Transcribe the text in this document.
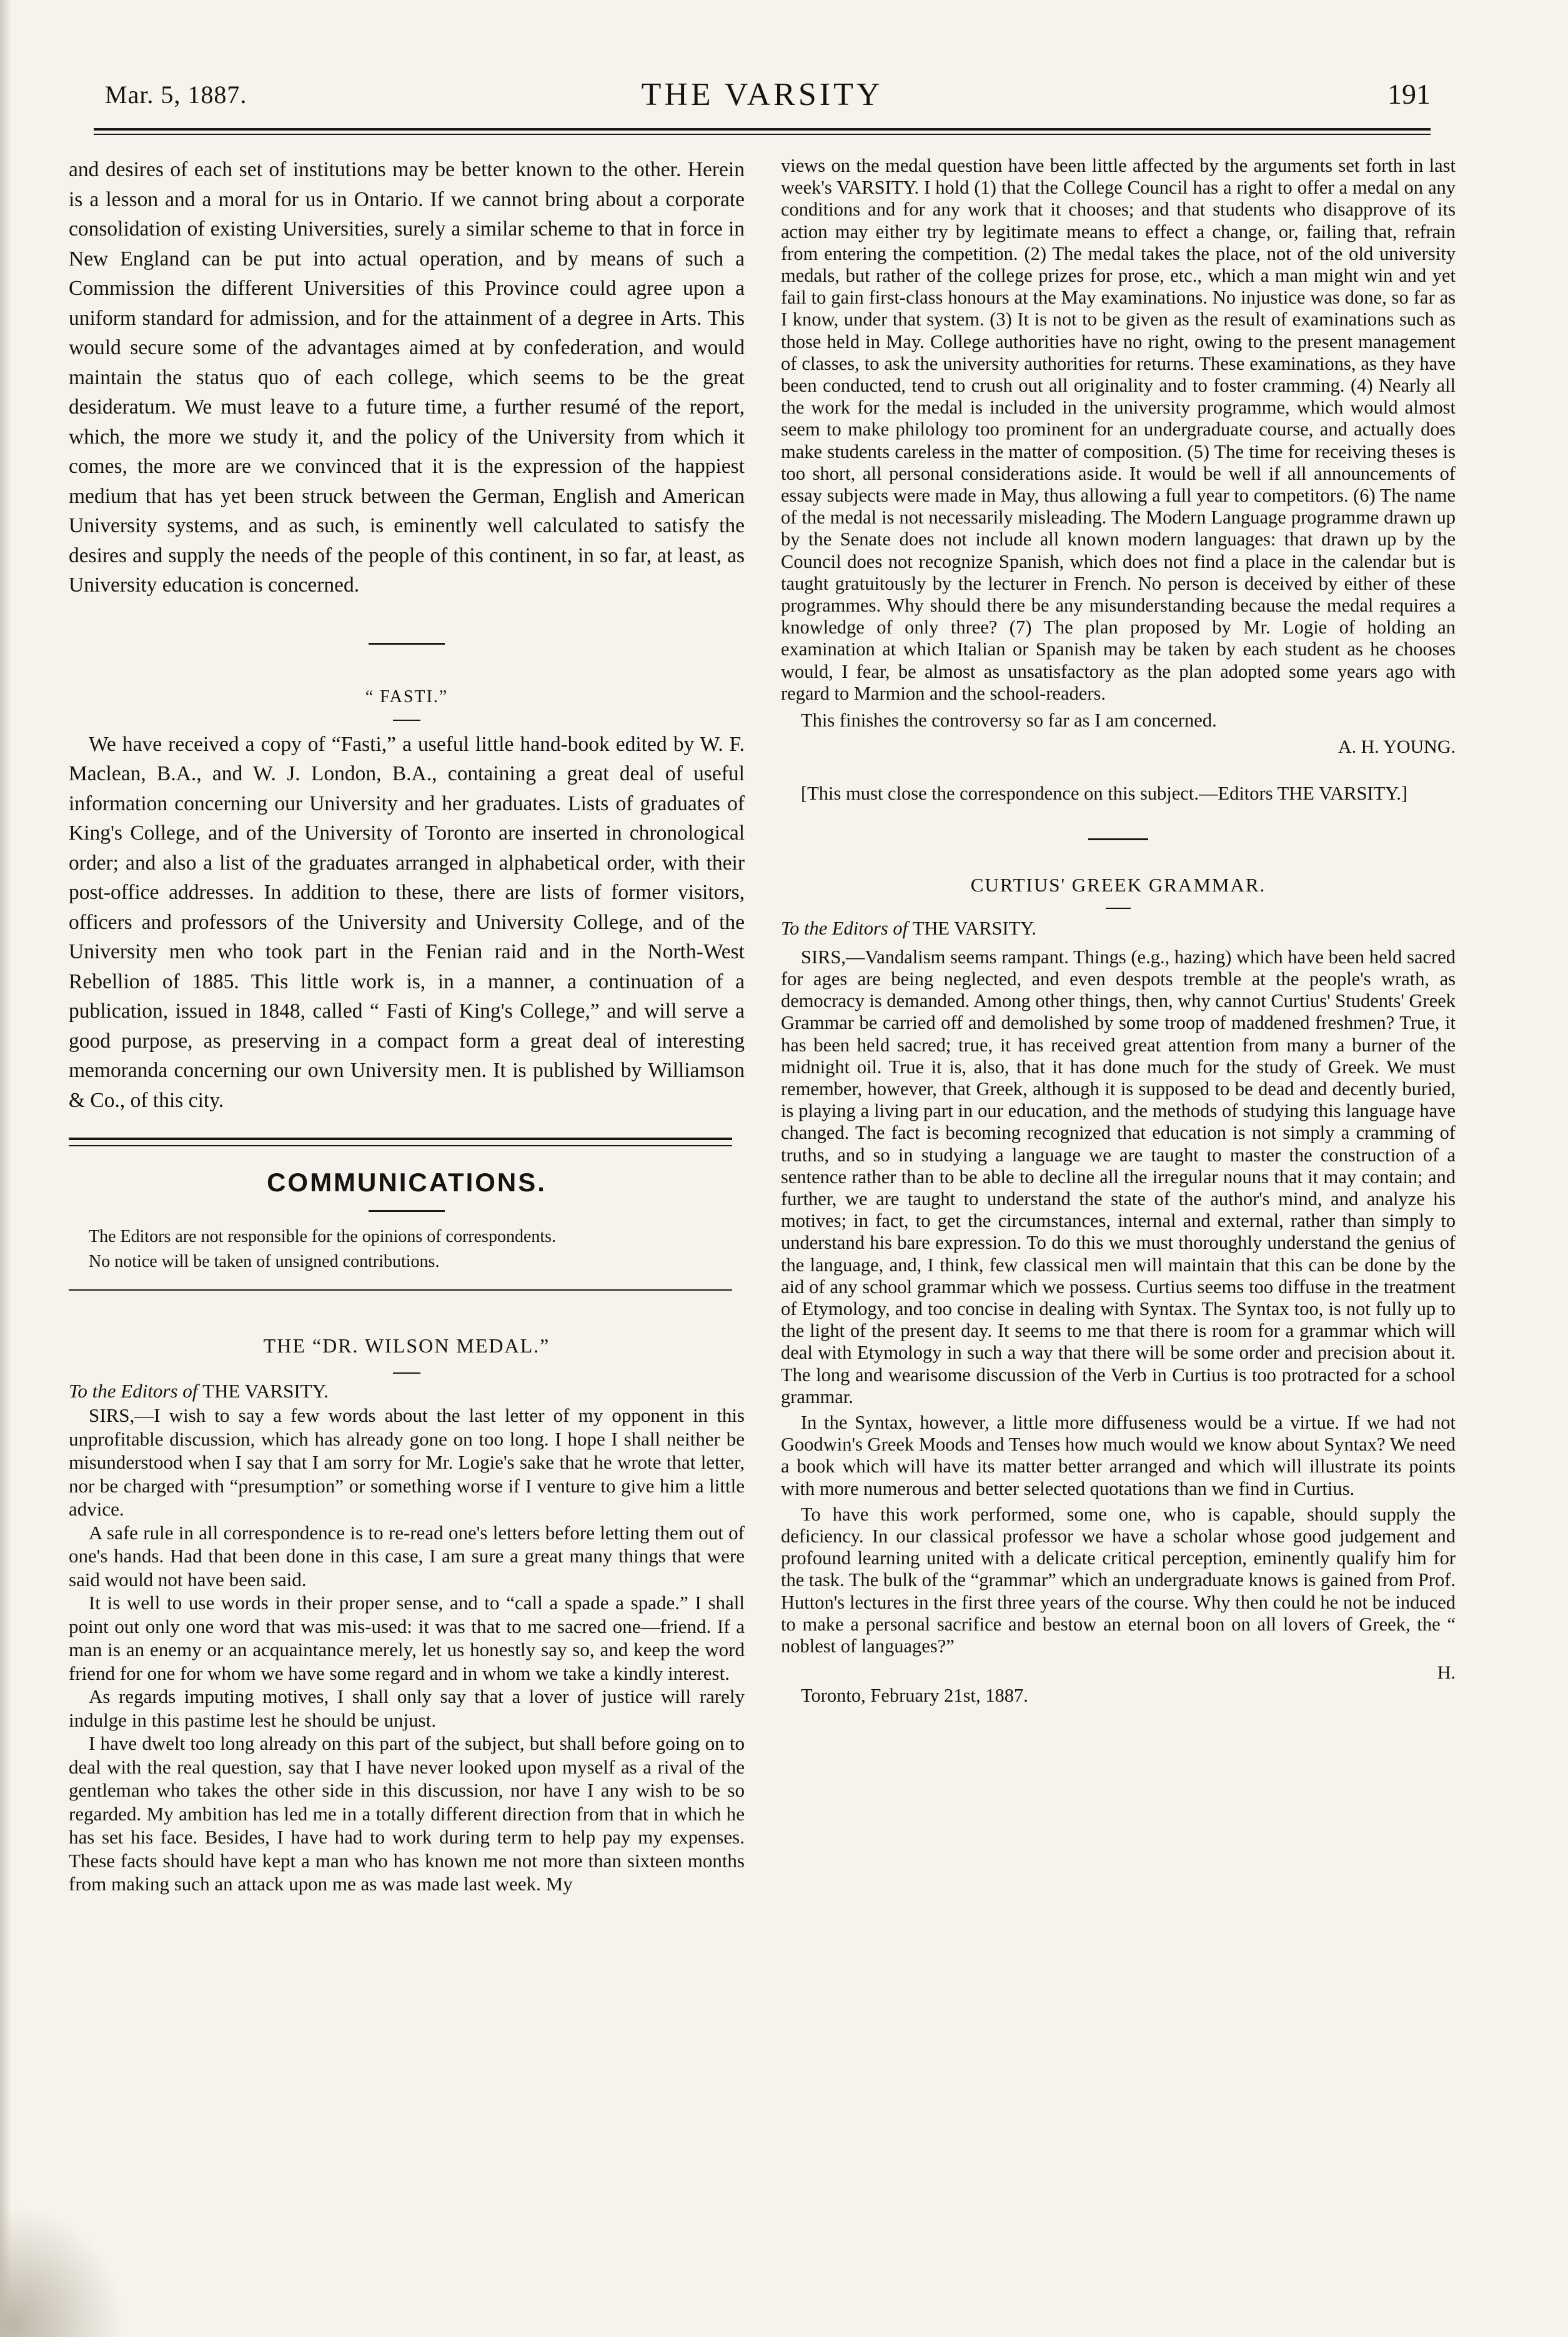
Mar. 5, 1887.	THE VARSITY	191

and desires of each set of institutions may be better known to the other. Herein is a lesson and a moral for us in Ontario. If we cannot bring about a corporate consolidation of existing Universities, surely a similar scheme to that in force in New England can be put into actual operation, and by means of such a Commission the different Universities of this Province could agree upon a uniform standard for admission, and for the attainment of a degree in Arts. This would secure some of the advantages aimed at by confederation, and would maintain the status quo of each college, which seems to be the great desideratum. We must leave to a future time, a further resumé of the report, which, the more we study it, and the policy of the University from which it comes, the more are we convinced that it is the expression of the happiest medium that has yet been struck between the German, English and American University systems, and as such, is eminently well calculated to satisfy the desires and supply the needs of the people of this continent, in so far, at least, as University education is concerned.

“ FASTI.”

We have received a copy of “Fasti,” a useful little hand-book edited by W. F. Maclean, B.A., and W. J. London, B.A., containing a great deal of useful information concerning our University and her graduates. Lists of graduates of King's College, and of the University of Toronto are inserted in chronological order; and also a list of the graduates arranged in alphabetical order, with their post-office addresses. In addition to these, there are lists of former visitors, officers and professors of the University and University College, and of the University men who took part in the Fenian raid and in the North-West Rebellion of 1885. This little work is, in a manner, a continuation of a publication, issued in 1848, called “ Fasti of King's College,” and will serve a good purpose, as preserving in a compact form a great deal of interesting memoranda concerning our own University men. It is published by Williamson & Co., of this city.

COMMUNICATIONS.

The Editors are not responsible for the opinions of correspondents.

No notice will be taken of unsigned contributions.

THE “DR. WILSON MEDAL.”

To the Editors of THE VARSITY.

SIRS,—I wish to say a few words about the last letter of my opponent in this unprofitable discussion, which has already gone on too long. I hope I shall neither be misunderstood when I say that I am sorry for Mr. Logie's sake that he wrote that letter, nor be charged with “presumption” or something worse if I venture to give him a little advice.

A safe rule in all correspondence is to re-read one's letters before letting them out of one's hands. Had that been done in this case, I am sure a great many things that were said would not have been said.

It is well to use words in their proper sense, and to “call a spade a spade.” I shall point out only one word that was mis-used: it was that to me sacred one—friend. If a man is an enemy or an acquaintance merely, let us honestly say so, and keep the word friend for one for whom we have some regard and in whom we take a kindly interest.

As regards imputing motives, I shall only say that a lover of justice will rarely indulge in this pastime lest he should be unjust.

I have dwelt too long already on this part of the subject, but shall before going on to deal with the real question, say that I have never looked upon myself as a rival of the gentleman who takes the other side in this discussion, nor have I any wish to be so regarded. My ambition has led me in a totally different direction from that in which he has set his face. Besides, I have had to work during term to help pay my expenses. These facts should have kept a man who has known me not more than sixteen months from making such an attack upon me as was made last week. My

views on the medal question have been little affected by the arguments set forth in last week's VARSITY. I hold (1) that the College Council has a right to offer a medal on any conditions and for any work that it chooses; and that students who disapprove of its action may either try by legitimate means to effect a change, or, failing that, refrain from entering the competition. (2) The medal takes the place, not of the old university medals, but rather of the college prizes for prose, etc., which a man might win and yet fail to gain first-class honours at the May examinations. No injustice was done, so far as I know, under that system. (3) It is not to be given as the result of examinations such as those held in May. College authorities have no right, owing to the present management of classes, to ask the university authorities for returns. These examinations, as they have been conducted, tend to crush out all originality and to foster cramming. (4) Nearly all the work for the medal is included in the university programme, which would almost seem to make philology too prominent for an undergraduate course, and actually does make students careless in the matter of composition. (5) The time for receiving theses is too short, all personal considerations aside. It would be well if all announcements of essay subjects were made in May, thus allowing a full year to competitors. (6) The name of the medal is not necessarily misleading. The Modern Language programme drawn up by the Senate does not include all known modern languages: that drawn up by the Council does not recognize Spanish, which does not find a place in the calendar but is taught gratuitously by the lecturer in French. No person is deceived by either of these programmes. Why should there be any misunderstanding because the medal requires a knowledge of only three? (7) The plan proposed by Mr. Logie of holding an examination at which Italian or Spanish may be taken by each student as he chooses would, I fear, be almost as unsatisfactory as the plan adopted some years ago with regard to Marmion and the school-readers.

This finishes the controversy so far as I am concerned.

A. H. YOUNG.

[This must close the correspondence on this subject.—Editors THE VARSITY.]

CURTIUS' GREEK GRAMMAR.

To the Editors of THE VARSITY.

SIRS,—Vandalism seems rampant. Things (e.g., hazing) which have been held sacred for ages are being neglected, and even despots tremble at the people's wrath, as democracy is demanded. Among other things, then, why cannot Curtius' Students' Greek Grammar be carried off and demolished by some troop of maddened freshmen? True, it has been held sacred; true, it has received great attention from many a burner of the midnight oil. True it is, also, that it has done much for the study of Greek. We must remember, however, that Greek, although it is supposed to be dead and decently buried, is playing a living part in our education, and the methods of studying this language have changed. The fact is becoming recognized that education is not simply a cramming of truths, and so in studying a language we are taught to master the construction of a sentence rather than to be able to decline all the irregular nouns that it may contain; and further, we are taught to understand the state of the author's mind, and analyze his motives; in fact, to get the circumstances, internal and external, rather than simply to understand his bare expression. To do this we must thoroughly understand the genius of the language, and, I think, few classical men will maintain that this can be done by the aid of any school grammar which we possess. Curtius seems too diffuse in the treatment of Etymology, and too concise in dealing with Syntax. The Syntax too, is not fully up to the light of the present day. It seems to me that there is room for a grammar which will deal with Etymology in such a way that there will be some order and precision about it. The long and wearisome discussion of the Verb in Curtius is too protracted for a school grammar.

In the Syntax, however, a little more diffuseness would be a virtue. If we had not Goodwin's Greek Moods and Tenses how much would we know about Syntax? We need a book which will have its matter better arranged and which will illustrate its points with more numerous and better selected quotations than we find in Curtius.

To have this work performed, some one, who is capable, should supply the deficiency. In our classical professor we have a scholar whose good judgement and profound learning united with a delicate critical perception, eminently qualify him for the task. The bulk of the “grammar” which an undergraduate knows is gained from Prof. Hutton's lectures in the first three years of the course. Why then could he not be induced to make a personal sacrifice and bestow an eternal boon on all lovers of Greek, the “ noblest of languages?”

H.

Toronto, February 21st, 1887.
